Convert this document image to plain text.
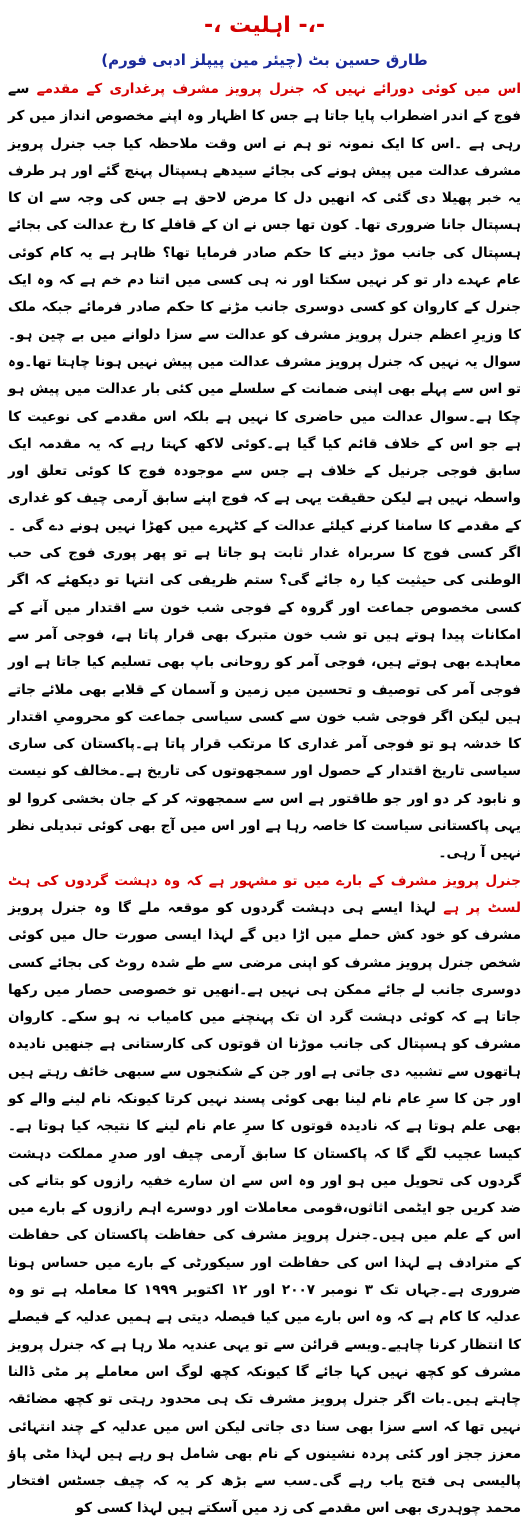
-، اہلیت -،-
طارق حسین بٹ (چیئر مین پیپلز ادبی فورم)

اس میں کوئی دورائے نہیں کہ جنرل پرویز مشرف پرغداری کے مقدمے سے فوج کے اندر اضطراب پایا جاتا ہے جس کا اظہار وہ اپنے مخصوص انداز میں کر رہی ہے ۔اس کا ایک نمونہ تو ہم نے اس وقت ملاحظہ کیا جب جنرل پرویز مشرف عدالت میں پیش ہونے کی بجائے سیدھے ہسپتال پہنچ گئے اور ہر طرف یہ خبر پھیلا دی گئی کہ انھیں دل کا مرض لاحق ہے جس کی وجہ سے ان کا ہسپتال جانا ضروری تھا۔ کون تھا جس نے ان کے قافلے کا رخ عدالت کی بجائے ہسپتال کی جانب موڑ دینے کا حکم صادر فرمایا تھا؟ ظاہر ہے یہ کام کوئی عام عہدے دار تو کر نہیں سکتا اور نہ ہی کسی میں اتنا دم خم ہے کہ وہ ایک جنرل کے کاروان کو کسی دوسری جانب مڑنے کا حکم صادر فرمائے جبکہ ملک کا وزیرِ اعظم جنرل پرویز مشرف کو عدالت سے سزا دلوانے میں بے چین ہو۔سوال یہ نہیں کہ جنرل پرویز مشرف عدالت میں پیش نہیں ہونا چاہتا تھا۔وہ تو اس سے پہلے بھی اپنی ضمانت کے سلسلے میں کئی بار عدالت میں پیش ہو چکا ہے۔سوال عدالت میں حاضری کا نہیں ہے بلکہ اس مقدمے کی نوعیت کا ہے جو اس کے خلاف قائم کیا گیا ہے۔کوئی لاکھ کہتا رہے کہ یہ مقدمہ ایک سابق فوجی جرنیل کے خلاف ہے جس سے موجودہ فوج کا کوئی تعلق اور واسطہ نہیں ہے لیکن حقیقت یہی ہے کہ فوج اپنے سابق آرمی چیف کو غداری کے مقدمے کا سامنا کرنے کیلئے عدالت کے کٹہرے میں کھڑا نہیں ہونے دے گی ۔اگر کسی فوج کا سربراہ غدار ثابت ہو جاتا ہے تو پھر پوری فوج کی حب الوطنی کی حیثیت کیا رہ جائے گی؟ ستم ظریفی کی انتہا تو دیکھئے کہ اگر کسی مخصوص جماعت اور گروہ کے فوجی شب خون سے اقتدار میں آنے کے امکانات پیدا ہوتے ہیں تو شب خون متبرک بھی قرار پاتا ہے، فوجی آمر سے معاہدے بھی ہوتے ہیں، فوجی آمر کو روحانی باپ بھی تسلیم کیا جاتا ہے اور فوجی آمر کی توصیف و تحسین میں زمین و آسمان کے قلابے بھی ملائے جاتے ہیں لیکن اگر فوجی شب خون سے کسی سیاسی جماعت کو محرومیِ اقتدار کا خدشہ ہو تو فوجی آمر غداری کا مرتکب قرار پاتا ہے۔پاکستان کی ساری سیاسی تاریخ اقتدار کے حصول اور سمجھوتوں کی تاریخ ہے۔مخالف کو نیست و نابود کر دو اور جو طاقتور ہے اس سے سمجھوتہ کر کے جان بخشی کروا لو یہی پاکستانی سیاست کا خاصہ رہا ہے اور اس میں آج بھی کوئی تبدیلی نظر نہیں آ رہی۔

جنرل پرویز مشرف کے بارے میں تو مشہور ہے کہ وہ دہشت گردوں کی ہٹ لسٹ پر ہے لہذا ایسے ہی دہشت گردوں کو موقعہ ملے گا وہ جنرل پرویز مشرف کو خود کش حملے میں اڑا دیں گے لہذا ایسی صورت حال میں کوئی شخص جنرل پرویز مشرف کو اپنی مرضی سے طے شدہ روٹ کی بجائے کسی دوسری جانب لے جائے ممکن ہی نہیں ہے۔انھیں تو خصوصی حصار میں رکھا جاتا ہے کہ کوئی دہشت گرد ان تک پہنچنے میں کامیاب نہ ہو سکے۔ کاروان مشرف کو ہسپتال کی جانب موڑنا ان قوتوں کی کارستانی ہے جنھیں نادیدہ ہاتھوں سے تشبیہ دی جاتی ہے اور جن کے شکنجوں سے سبھی خائف رہتے ہیں اور جن کا سرِ عام نام لینا بھی کوئی پسند نہیں کرتا کیونکہ نام لینے والے کو بھی علم ہوتا ہے کہ نادیدہ قوتوں کا سرِ عام نام لینے کا نتیجہ کیا ہوتا ہے۔کیسا عجیب لگے گا کہ پاکستان کا سابق آرمی چیف اور صدرِ مملکت دہشت گردوں کی تحویل میں ہو اور وہ اس سے ان سارے خفیہ رازوں کو بتانے کی ضد کریں جو ایٹمی اثاثوں،قومی معاملات اور دوسرے اہم رازوں کے بارے میں اس کے علم میں ہیں۔جنرل پرویز مشرف کی حفاظت پاکستان کی حفاظت کے مترادف ہے لہذا اس کی حفاظت اور سیکورٹی کے بارے میں حساس ہونا ضروری ہے۔جہاں تک ۳ نومبر ۲۰۰۷ اور ۱۲ اکتوبر ۱۹۹۹ کا معاملہ ہے تو وہ عدلیہ کا کام ہے کہ وہ اس بارے میں کیا فیصلہ دیتی ہے ہمیں عدلیہ کے فیصلے کا انتظار کرنا چاہیے۔ویسے قرائن سے تو یہی عندیہ ملا رہا ہے کہ جنرل پرویز مشرف کو کچھ نہیں کہا جائے گا کیونکہ کچھ لوگ اس معاملے پر مٹی ڈالنا چاہتے ہیں۔بات اگر جنرل پرویز مشرف تک ہی محدود رہتی تو کچھ مضائقہ نہیں تھا کہ اسے سزا بھی سنا دی جاتی لیکن اس میں عدلیہ کے چند انتہائی معزز ججز اور کئی پردہ نشینوں کے نام بھی شامل ہو رہے ہیں لہذا مٹی پاؤ پالیسی ہی فتح یاب رہے گی۔سب سے بڑھ کر یہ کہ چیف جسٹس افتخار محمد چوہدری بھی اس مقدمے کی زد میں آسکتے ہیں لہذا کسی کو
